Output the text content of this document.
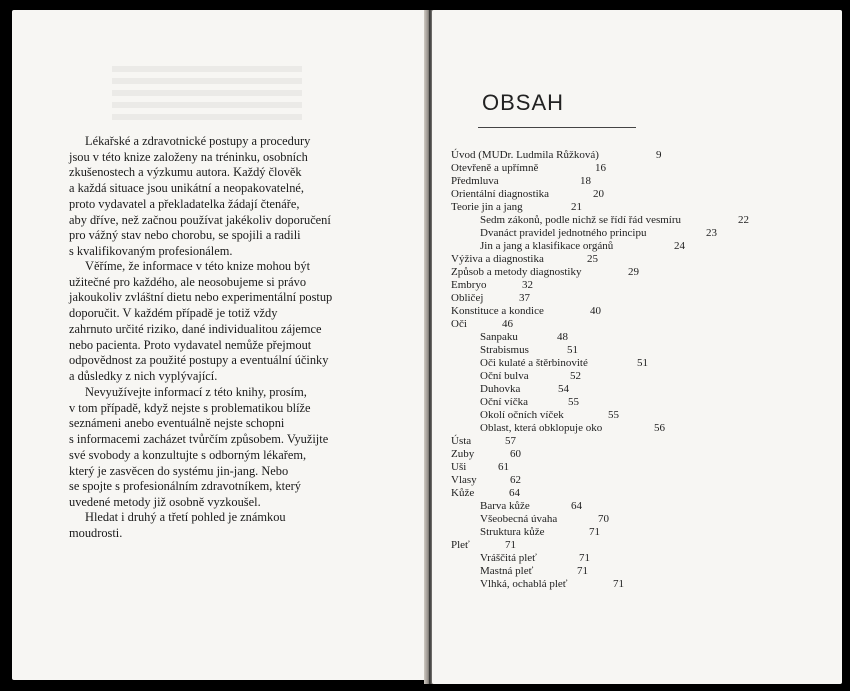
Lékařské a zdravotnické postupy a procedury
jsou v této knize založeny na tréninku, osobních
zkušenostech a výzkumu autora. Každý člověk
a každá situace jsou unikátní a neopakovatelné,
proto vydavatel a překladatelka žádají čtenáře,
aby dříve, než začnou používat jakékoliv doporučení
pro vážný stav nebo chorobu, se spojili a radili
s kvalifikovaným profesionálem.
Věříme, že informace v této knize mohou být
užitečné pro každého, ale neosobujeme si právo
jakoukoliv zvláštní dietu nebo experimentální postup
doporučit. V každém případě je totiž vždy
zahrnuto určité riziko, dané individualitou zájemce
nebo pacienta. Proto vydavatel nemůže přejmout
odpovědnost za použité postupy a eventuální účinky
a důsledky z nich vyplývající.
Nevyužívejte informací z této knihy, prosím,
v tom případě, když nejste s problematikou blíže
seznámeni anebo eventuálně nejste schopni
s informacemi zacházet tvůrčím způsobem. Využijte
své svobody a konzultujte s odborným lékařem,
který je zasvěcen do systému jin-jang. Nebo
se spojte s profesionálním zdravotníkem, který
uvedené metody již osobně vyzkoušel.
Hledat i druhý a třetí pohled je známkou
moudrosti.
OBSAH
Úvod (MUDr. Ludmila Růžková)	9
Otevřeně a upřímně	16
Předmluva	18
Orientální diagnostika	20
Teorie jin a jang	21
Sedm zákonů, podle nichž se řídí řád vesmíru	22
Dvanáct pravidel jednotného principu	23
Jin a jang a klasifikace orgánů	24
Výživa a diagnostika	25
Způsob a metody diagnostiky	29
Embryo	32
Obličej	37
Konstituce a kondice	40
Oči	46
Sanpaku	48
Strabismus	51
Oči kulaté a štěrbinovité	51
Oční bulva	52
Duhovka	54
Oční víčka	55
Okolí očních víček	55
Oblast, která obklopuje oko	56
Ústa	57
Zuby	60
Uši	61
Vlasy	62
Kůže	64
Barva kůže	64
Všeobecná úvaha	70
Struktura kůže	71
Pleť	71
Vráščitá pleť	71
Mastná pleť	71
Vlhká, ochablá pleť	71
